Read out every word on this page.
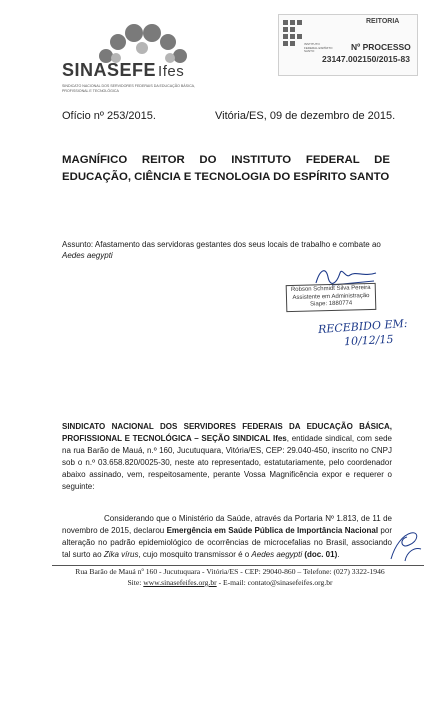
SINASEFE Ifes
SINDICATO NACIONAL DOS SERVIDORES FEDERAIS DA EDUCAÇÃO BÁSICA, PROFISSIONAL E TECNOLÓGICA
INSTITUTO FEDERAL ESPÍRITO SANTO
REITORIA
Nº PROCESSO
23147.002150/2015-83
Ofício nº 253/2015.	Vitória/ES, 09 de dezembro de 2015.
MAGNÍFICO REITOR DO INSTITUTO FEDERAL DE EDUCAÇÃO, CIÊNCIA E TECNOLOGIA DO ESPÍRITO SANTO
Assunto: Afastamento das servidoras gestantes dos seus locais de trabalho e combate ao
Aedes aegypti
Robson Schmidt Silva Pereira
Assistente em Administração
Siape: 1880774
RECEBIDO EM:
10/12/15
SINDICATO NACIONAL DOS SERVIDORES FEDERAIS DA EDUCAÇÃO BÁSICA, PROFISSIONAL E TECNOLÓGICA – SEÇÃO SINDICAL Ifes, entidade sindical, com sede na rua Barão de Mauá, n.º 160, Jucutuquara, Vitória/ES, CEP: 29.040-450, inscrito no CNPJ sob o n.º 03.658.820/0025-30, neste ato representado, estatutariamente, pelo coordenador abaixo assinado, vem, respeitosamente, perante Vossa Magnificência expor e requerer o seguinte:
Considerando que o Ministério da Saúde, através da Portaria Nº 1.813, de 11 de novembro de 2015, declarou Emergência em Saúde Pública de Importância Nacional por alteração no padrão epidemiológico de ocorrências de microcefalias no Brasil, associando tal surto ao Zika vírus, cujo mosquito transmissor é o Aedes aegypti (doc. 01).
Rua Barão de Mauá nº 160 - Jucutuquara - Vitória/ES - CEP: 29040-860 – Telefone: (027) 3322-1946
Site: www.sinasefeifes.org.br - E-mail: contato@sinasefeifes.org.br
